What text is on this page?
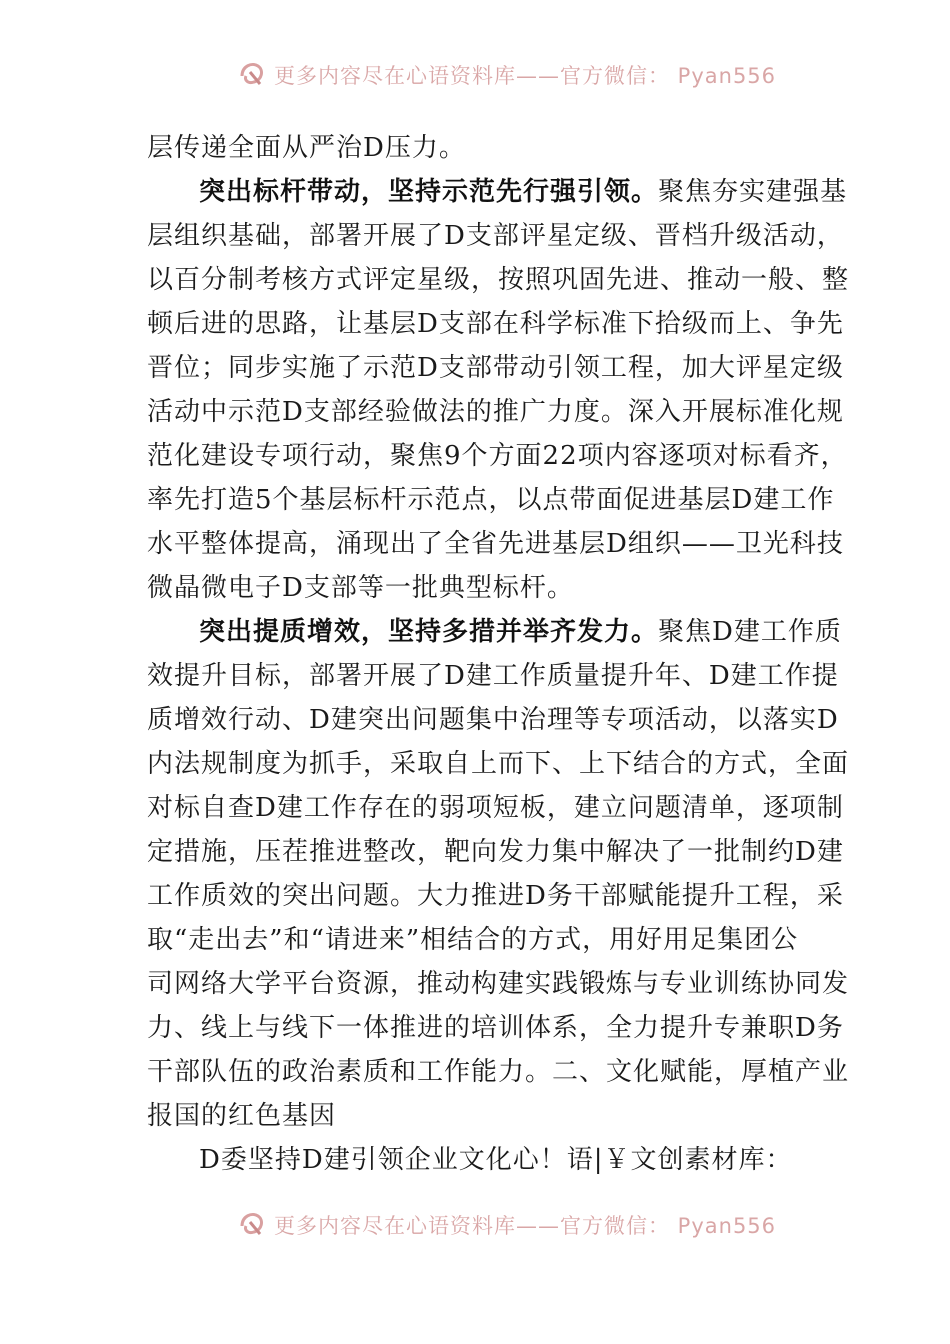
更多内容尽在心语资料库——官方微信： Pyan556
层传递全面从严治D压力。
突出标杆带动，坚持示范先行强引领。聚焦夯实建强基
层组织基础，部署开展了D支部评星定级、晋档升级活动，
以百分制考核方式评定星级，按照巩固先进、推动一般、整
顿后进的思路，让基层D支部在科学标准下拾级而上、争先
晋位；同步实施了示范D支部带动引领工程，加大评星定级
活动中示范D支部经验做法的推广力度。深入开展标准化规
范化建设专项行动，聚焦9个方面22项内容逐项对标看齐，
率先打造5个基层标杆示范点，以点带面促进基层D建工作
水平整体提高，涌现出了全省先进基层D组织——卫光科技
微晶微电子D支部等一批典型标杆。
突出提质增效，坚持多措并举齐发力。聚焦D建工作质
效提升目标，部署开展了D建工作质量提升年、D建工作提
质增效行动、D建突出问题集中治理等专项活动，以落实D
内法规制度为抓手，采取自上而下、上下结合的方式，全面
对标自查D建工作存在的弱项短板，建立问题清单，逐项制
定措施，压茬推进整改，靶向发力集中解决了一批制约D建
工作质效的突出问题。大力推进D务干部赋能提升工程，采
取“走出去”和“请进来”相结合的方式，用好用足集团公
司网络大学平台资源，推动构建实践锻炼与专业训练协同发
力、线上与线下一体推进的培训体系，全力提升专兼职D务
干部队伍的政治素质和工作能力。二、文化赋能，厚植产业
报国的红色基因
D委坚持D建引领企业文化心！语|￥文创素材库：
更多内容尽在心语资料库——官方微信： Pyan556
